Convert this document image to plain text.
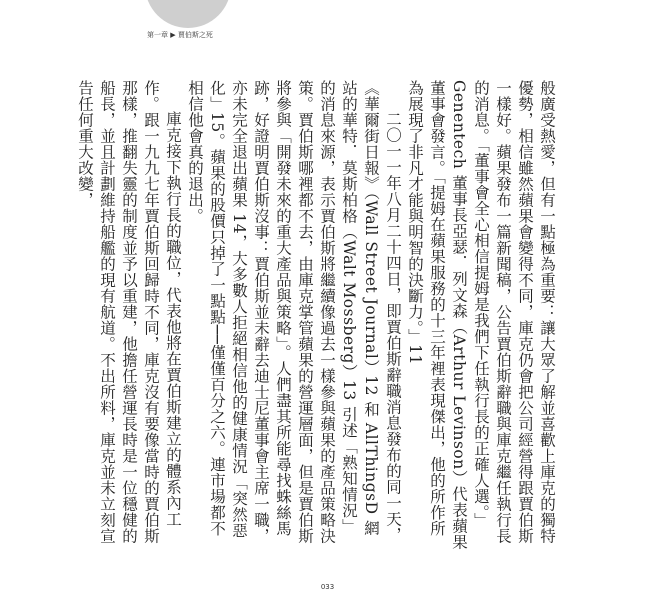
第一章 ▶ 賈伯斯之死

般廣受熱愛，但有一點極為重要：讓大眾了解並喜歡上庫克的獨特優勢，相信雖然蘋果會變得不同，庫克仍會把公司經營得跟賈伯斯一樣好。蘋果發布一篇新聞稿，公告賈伯斯辭職與庫克繼任執行長的消息。「董事會全心相信提姆是我們下任執行長的正確人選。」Genentech 董事長亞瑟．列文森（Arthur Levinson）代表蘋果董事會發言。「提姆在蘋果服務的十三年裡表現傑出，他的所作所為展現了非凡才能與明智的決斷力。」11

二〇一一年八月二十四日，即賈伯斯辭職消息發布的同一天，《華爾街日報》（Wall Street Journal）12 和 AllThingsD 網站的華特．莫斯柏格（Walt Mossberg）13 引述「熟知情況」的消息來源，表示賈伯斯將繼續像過去一樣參與蘋果的產品策略決策。賈伯斯哪裡都不去，由庫克掌管蘋果的營運層面，但是賈伯斯將參與「開發未來的重大產品與策略」。人們盡其所能尋找蛛絲馬跡，好證明賈伯斯沒事：賈伯斯並未辭去迪士尼董事會主席一職，亦未完全退出蘋果 14，大多數人拒絕相信他的健康情況「突然惡化」15。蘋果的股價只掉了一點點──僅僅百分之六。連市場都不相信他會真的退出。

庫克接下執行長的職位，代表他將在賈伯斯建立的體系內工作。跟一九九七年賈伯斯回歸時不同，庫克沒有要像當時的賈伯斯那樣，推翻失靈的制度並予以重建，他擔任營運長時是一位穩健的船長，並且計劃維持船艦的現有航道。不出所料，庫克並未立刻宣告任何重大改變，

033
